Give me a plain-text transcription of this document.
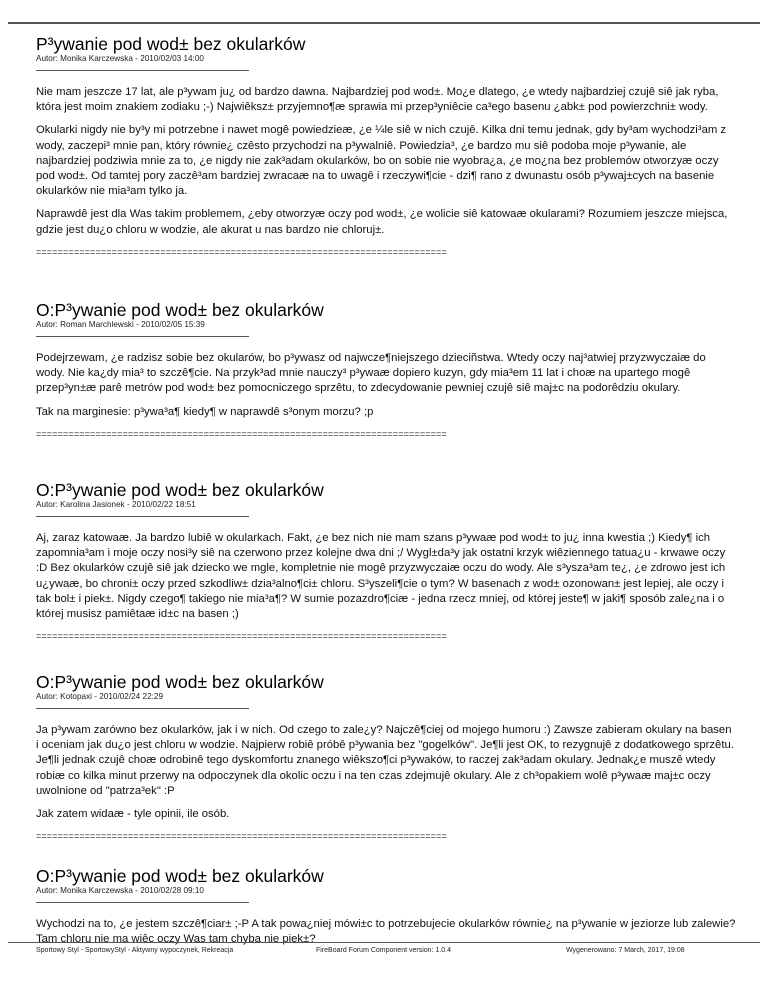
P³ywanie pod wod± bez okularków

Autor: Monika Karczewska - 2010/02/03 14:00

Nie mam jeszcze 17 lat, ale p³ywam ju¿ od bardzo dawna. Najbardziej pod wod±. Mo¿e dlatego, ¿e wtedy najbardziej czujê siê jak ryba, która jest moim znakiem zodiaku ;-) Najwiêksz± przyjemno¶æ sprawia mi przep³yniêcie ca³ego basenu ¿abk± pod powierzchni± wody.

Okularki nigdy nie by³y mi potrzebne i nawet mogê powiedzieæ, ¿e ¼le siê w nich czujê. Kilka dni temu jednak, gdy by³am wychodzi³am z wody, zaczepi³ mnie pan, który równie¿ czêsto przychodzi na p³ywalniê. Powiedzia³, ¿e bardzo mu siê podoba moje p³ywanie, ale najbardziej podziwia mnie za to, ¿e nigdy nie zak³adam okularków, bo on sobie nie wyobra¿a, ¿e mo¿na bez problemów otworzyæ oczy pod wod±. Od tamtej pory zaczê³am bardziej zwracaæ na to uwagê i rzeczywi¶cie - dzi¶ rano z dwunastu osób p³ywaj±cych na basenie okularków nie mia³am tylko ja.

Naprawdê jest dla Was takim problemem, ¿eby otworzyæ oczy pod wod±, ¿e wolicie siê katowaæ okularami? Rozumiem jeszcze miejsca, gdzie jest du¿o chloru w wodzie, ale akurat u nas bardzo nie chloruj±.

============================================================================

O:P³ywanie pod wod± bez okularków

Autor: Roman Marchlewski - 2010/02/05 15:39

Podejrzewam, ¿e radzisz sobie bez okularów, bo p³ywasz od najwcze¶niejszego dzieciñstwa. Wtedy oczy naj³atwiej przyzwyczaiæ do wody. Nie ka¿dy mia³ to szczê¶cie. Na przyk³ad mnie nauczy³ p³ywaæ dopiero kuzyn, gdy mia³em 11 lat i choæ na upartego mogê przep³yn±æ parê metrów pod wod± bez pomocniczego sprzêtu, to zdecydowanie pewniej czujê siê maj±c na podorêdziu okulary.

Tak na marginesie: p³ywa³a¶ kiedy¶ w naprawdê s³onym morzu? ;p

============================================================================

O:P³ywanie pod wod± bez okularków

Autor: Karolina Jasionek - 2010/02/22 18:51

Aj, zaraz katowaæ. Ja bardzo lubiê w okularkach. Fakt, ¿e bez nich nie mam szans p³ywaæ pod wod± to ju¿ inna kwestia ;) Kiedy¶ ich zapomnia³am i moje oczy nosi³y siê na czerwono przez kolejne dwa dni ;/ Wygl±da³y jak ostatni krzyk wiêziennego tatua¿u - krwawe oczy :D Bez okularków czujê siê jak dziecko we mgle, kompletnie nie mogê przyzwyczaiæ oczu do wody. Ale s³ysza³am te¿, ¿e zdrowo jest ich u¿ywaæ, bo chroni± oczy przed szkodliw± dzia³alno¶ci± chloru. S³yszeli¶cie o tym? W basenach z wod± ozonowan± jest lepiej, ale oczy i tak bol± i piek±. Nigdy czego¶ takiego nie mia³a¶? W sumie pozazdro¶ciæ - jedna rzecz mniej, od której jeste¶ w jaki¶ sposób zale¿na i o której musisz pamiêtaæ id±c na basen ;)

============================================================================

O:P³ywanie pod wod± bez okularków

Autor: Kotopaxi - 2010/02/24 22:29

Ja p³ywam zarówno bez okularków, jak i w nich. Od czego to zale¿y? Najczê¶ciej od mojego humoru :) Zawsze zabieram okulary na basen i oceniam jak du¿o jest chloru w wodzie. Najpierw robiê próbê p³ywania bez "gogelków". Je¶li jest OK, to rezygnujê z dodatkowego sprzêtu. Je¶li jednak czujê choæ odrobinê tego dyskomfortu znanego wiêkszo¶ci p³ywaków, to raczej zak³adam okulary. Jednak¿e muszê wtedy robiæ co kilka minut przerwy na odpoczynek dla okolic oczu i na ten czas zdejmujê okulary. Ale z ch³opakiem wolê p³ywaæ maj±c oczy uwolnione od "patrza³ek" :P

Jak zatem widaæ - tyle opinii, ile osób.

============================================================================

O:P³ywanie pod wod± bez okularków

Autor: Monika Karczewska - 2010/02/28 09:10

Wychodzi na to, ¿e jestem szczê¶ciar± ;-P A tak powa¿niej mówi±c to potrzebujecie okularków równie¿ na p³ywanie w jeziorze lub zalewie? Tam chloru nie ma wiêc oczy Was tam chyba nie piek±?

Sportowy Styl - SportowyStyl - Aktywny wypoczynek, Rekreacja	FireBoard Forum Component version: 1.0.4	Wygenerowano: 7 March, 2017, 19:08
